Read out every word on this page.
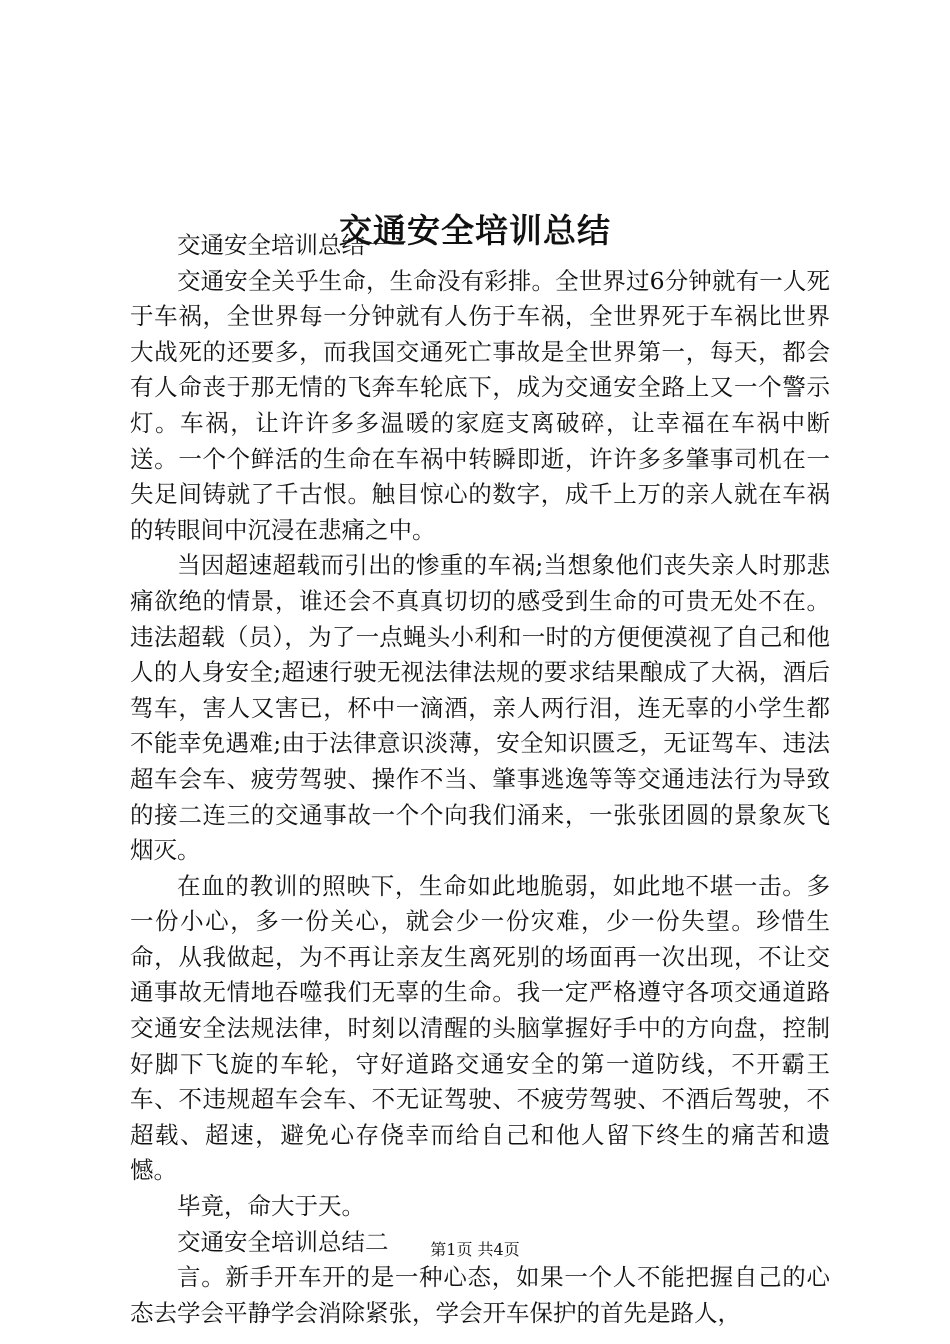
交通安全培训总结

交通安全培训总结一

交通安全关乎生命，生命没有彩排。全世界过6分钟就有一人死于车祸，全世界每一分钟就有人伤于车祸，全世界死于车祸比世界大战死的还要多，而我国交通死亡事故是全世界第一，每天，都会有人命丧于那无情的飞奔车轮底下，成为交通安全路上又一个警示灯。车祸，让许许多多温暖的家庭支离破碎，让幸福在车祸中断送。一个个鲜活的生命在车祸中转瞬即逝，许许多多肇事司机在一失足间铸就了千古恨。触目惊心的数字，成千上万的亲人就在车祸的转眼间中沉浸在悲痛之中。

当因超速超载而引出的惨重的车祸;当想象他们丧失亲人时那悲痛欲绝的情景，谁还会不真真切切的感受到生命的可贵无处不在。违法超载（员），为了一点蝇头小利和一时的方便便漠视了自己和他人的人身安全;超速行驶无视法律法规的要求结果酿成了大祸，酒后驾车，害人又害已，杯中一滴酒，亲人两行泪，连无辜的小学生都不能幸免遇难;由于法律意识淡薄，安全知识匮乏，无证驾车、违法超车会车、疲劳驾驶、操作不当、肇事逃逸等等交通违法行为导致的接二连三的交通事故一个个向我们涌来，一张张团圆的景象灰飞烟灭。

在血的教训的照映下，生命如此地脆弱，如此地不堪一击。多一份小心，多一份关心，就会少一份灾难，少一份失望。珍惜生命，从我做起，为不再让亲友生离死别的场面再一次出现，不让交通事故无情地吞噬我们无辜的生命。我一定严格遵守各项交通道路交通安全法规法律，时刻以清醒的头脑掌握好手中的方向盘，控制好脚下飞旋的车轮，守好道路交通安全的第一道防线，不开霸王车、不违规超车会车、不无证驾驶、不疲劳驾驶、不酒后驾驶，不超载、超速，避免心存侥幸而给自己和他人留下终生的痛苦和遗憾。

毕竟，命大于天。

交通安全培训总结二

言。新手开车开的是一种心态，如果一个人不能把握自己的心态去学会平静学会消除紧张，学会开车保护的首先是路人，

第1页 共4页
